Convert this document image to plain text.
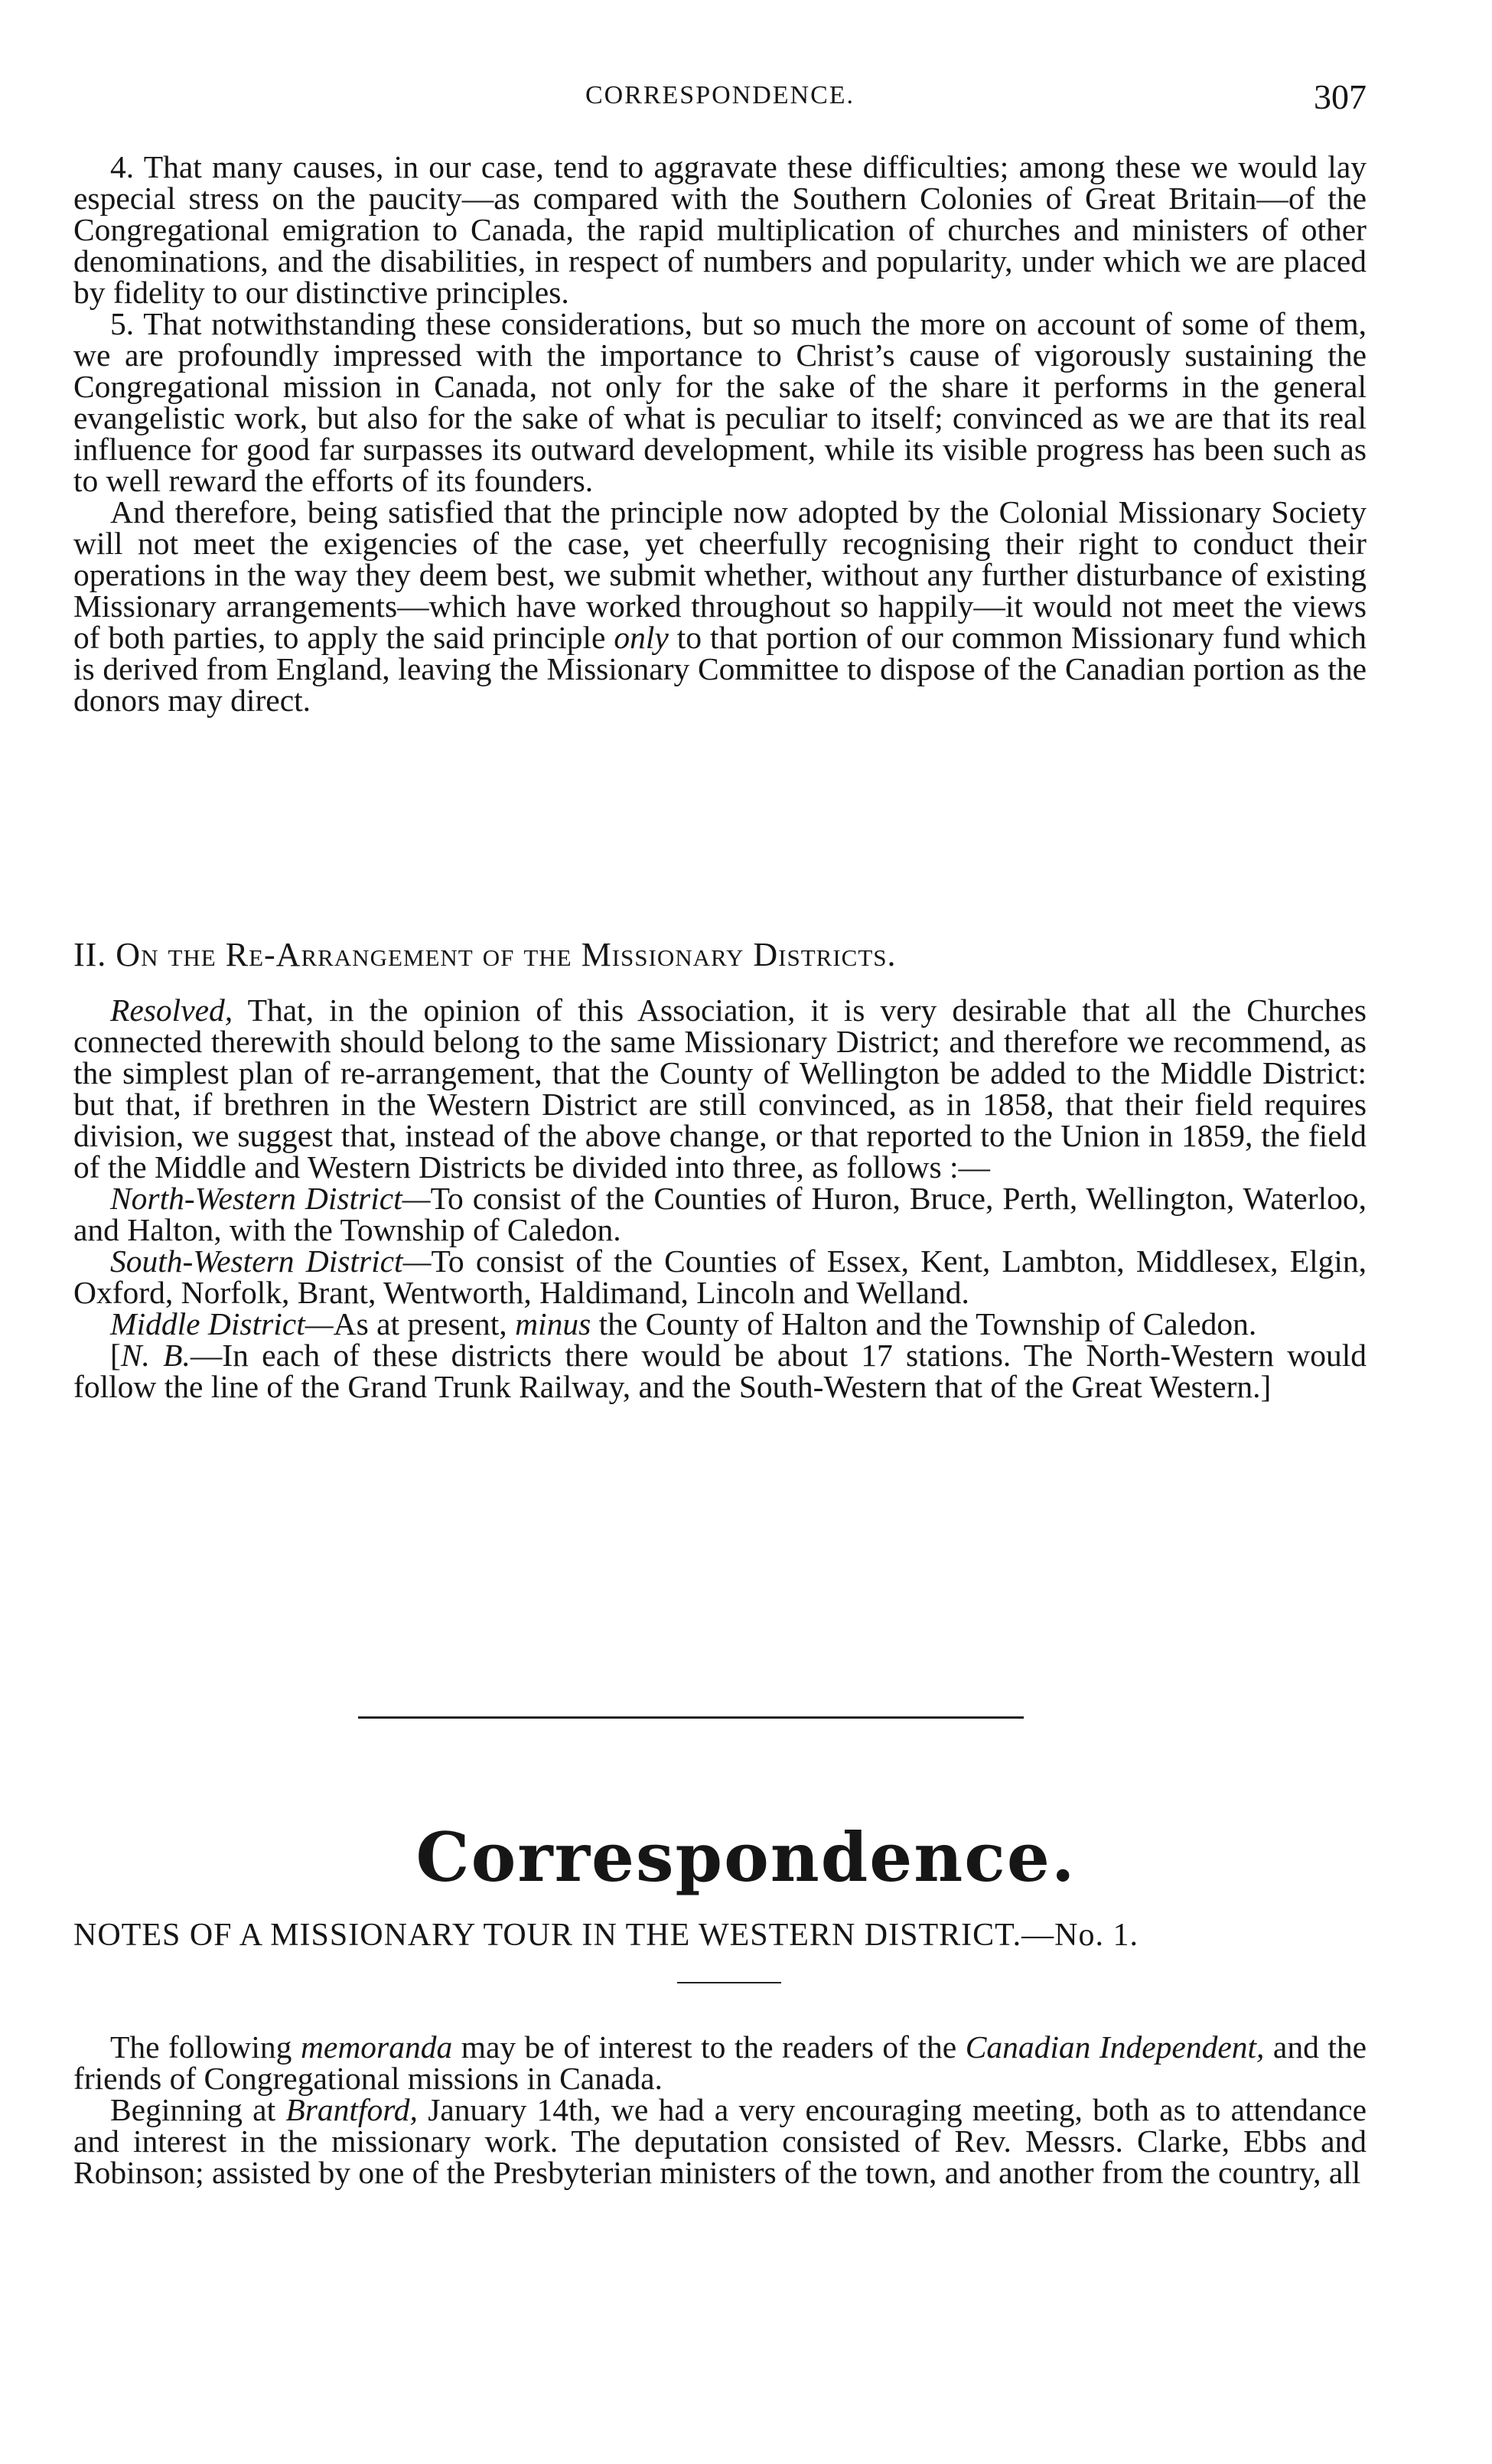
CORRESPONDENCE.	307

4. That many causes, in our case, tend to aggravate these difficulties; among these we would lay especial stress on the paucity—as compared with the Southern Colonies of Great Britain—of the Congregational emigration to Canada, the rapid multiplication of churches and ministers of other denominations, and the disabilities, in respect of numbers and popularity, under which we are placed by fidelity to our distinctive principles.

5. That notwithstanding these considerations, but so much the more on account of some of them, we are profoundly impressed with the importance to Christ’s cause of vigorously sustaining the Congregational mission in Canada, not only for the sake of the share it performs in the general evangelistic work, but also for the sake of what is peculiar to itself; convinced as we are that its real influence for good far surpasses its outward development, while its visible progress has been such as to well reward the efforts of its founders.

And therefore, being satisfied that the principle now adopted by the Colonial Missionary Society will not meet the exigencies of the case, yet cheerfully recognising their right to conduct their operations in the way they deem best, we submit whether, without any further disturbance of existing Missionary arrangements—which have worked throughout so happily—it would not meet the views of both parties, to apply the said principle only to that portion of our common Missionary fund which is derived from England, leaving the Missionary Committee to dispose of the Canadian portion as the donors may direct.

II. On the Re-Arrangement of the Missionary Districts.

Resolved, That, in the opinion of this Association, it is very desirable that all the Churches connected therewith should belong to the same Missionary District; and therefore we recommend, as the simplest plan of re-arrangement, that the County of Wellington be added to the Middle District: but that, if brethren in the Western District are still convinced, as in 1858, that their field requires division, we suggest that, instead of the above change, or that reported to the Union in 1859, the field of the Middle and Western Districts be divided into three, as follows :—

North-Western District—To consist of the Counties of Huron, Bruce, Perth, Wellington, Waterloo, and Halton, with the Township of Caledon.

South-Western District—To consist of the Counties of Essex, Kent, Lambton, Middlesex, Elgin, Oxford, Norfolk, Brant, Wentworth, Haldimand, Lincoln and Welland.

Middle District—As at present, minus the County of Halton and the Township of Caledon.

[N. B.—In each of these districts there would be about 17 stations. The North-Western would follow the line of the Grand Trunk Railway, and the South-Western that of the Great Western.]

Correspondence.
NOTES OF A MISSIONARY TOUR IN THE WESTERN DISTRICT.—No. 1.

The following memoranda may be of interest to the readers of the Canadian Independent, and the friends of Congregational missions in Canada.

Beginning at Brantford, January 14th, we had a very encouraging meeting, both as to attendance and interest in the missionary work. The deputation consisted of Rev. Messrs. Clarke, Ebbs and Robinson; assisted by one of the Presbyterian ministers of the town, and another from the country, all
